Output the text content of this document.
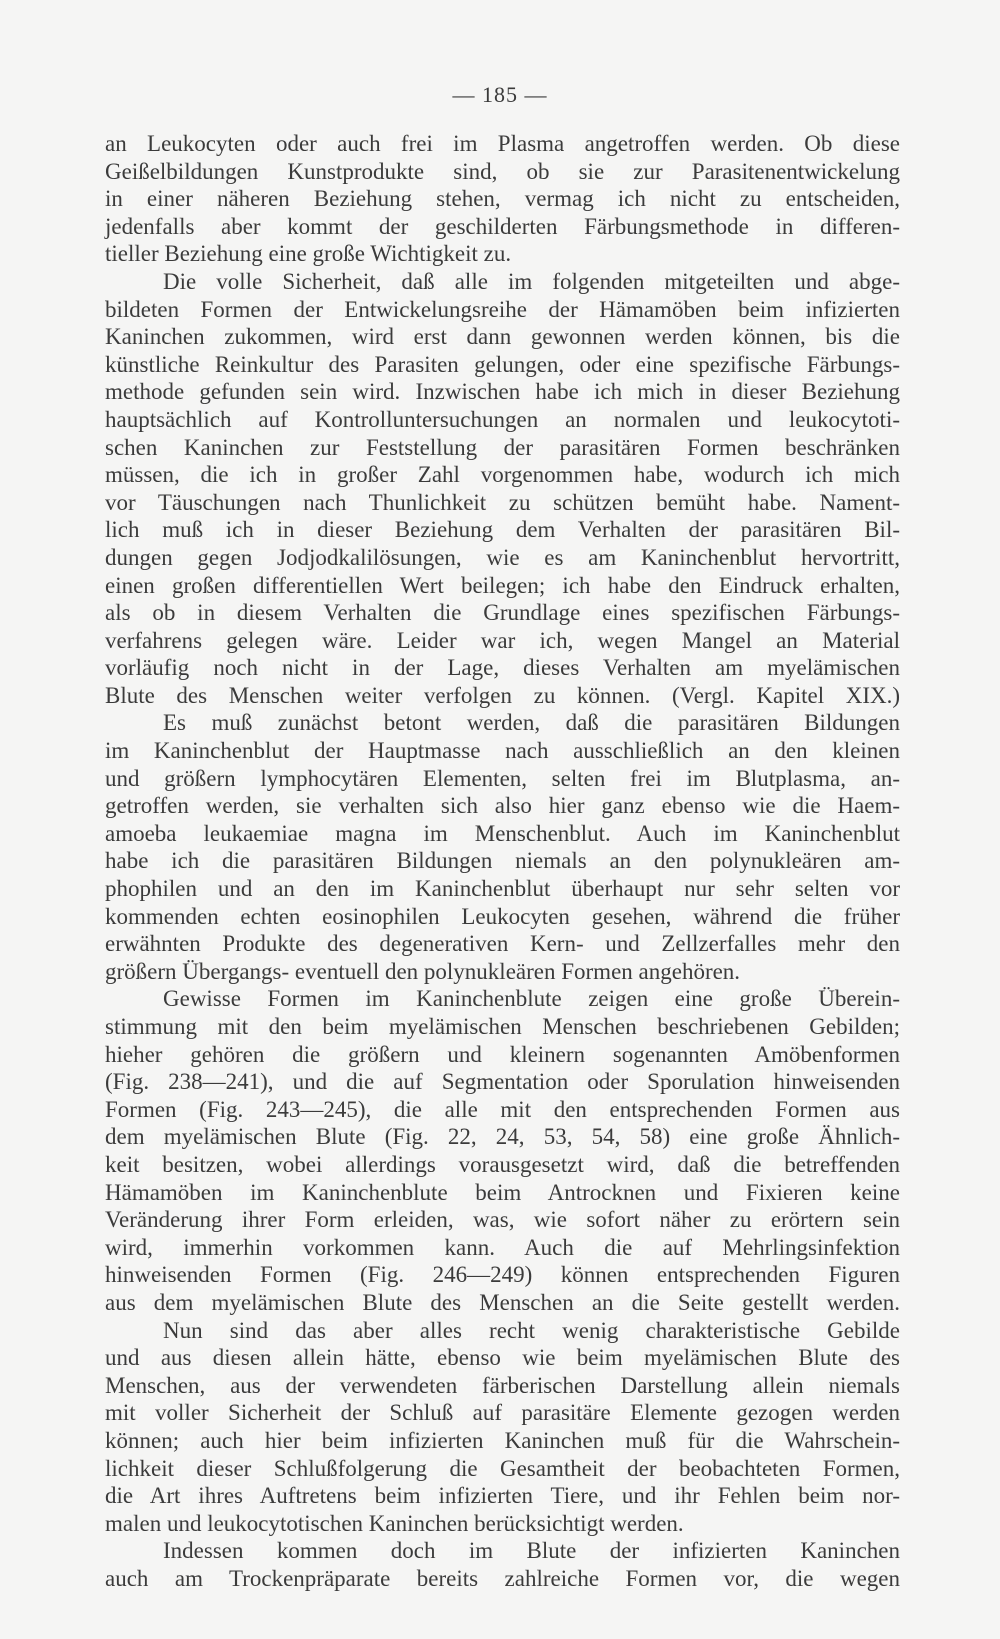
— 185 —
an Leukocyten oder auch frei im Plasma angetroffen werden. Ob diese
Geißelbildungen Kunstprodukte sind, ob sie zur Parasitenentwickelung
in einer näheren Beziehung stehen, vermag ich nicht zu entscheiden,
jedenfalls aber kommt der geschilderten Färbungsmethode in differen-
tieller Beziehung eine große Wichtigkeit zu.
Die volle Sicherheit, daß alle im folgenden mitgeteilten und abge-
bildeten Formen der Entwickelungsreihe der Hämamöben beim infizierten
Kaninchen zukommen, wird erst dann gewonnen werden können, bis die
künstliche Reinkultur des Parasiten gelungen, oder eine spezifische Färbungs-
methode gefunden sein wird. Inzwischen habe ich mich in dieser Beziehung
hauptsächlich auf Kontrolluntersuchungen an normalen und leukocytoti-
schen Kaninchen zur Feststellung der parasitären Formen beschränken
müssen, die ich in großer Zahl vorgenommen habe, wodurch ich mich
vor Täuschungen nach Thunlichkeit zu schützen bemüht habe. Nament-
lich muß ich in dieser Beziehung dem Verhalten der parasitären Bil-
dungen gegen Jodjodkalilösungen, wie es am Kaninchenblut hervortritt,
einen großen differentiellen Wert beilegen; ich habe den Eindruck erhalten,
als ob in diesem Verhalten die Grundlage eines spezifischen Färbungs-
verfahrens gelegen wäre. Leider war ich, wegen Mangel an Material
vorläufig noch nicht in der Lage, dieses Verhalten am myelämischen
Blute des Menschen weiter verfolgen zu können. (Vergl. Kapitel XIX.)
Es muß zunächst betont werden, daß die parasitären Bildungen
im Kaninchenblut der Hauptmasse nach ausschließlich an den kleinen
und größern lymphocytären Elementen, selten frei im Blutplasma, an-
getroffen werden, sie verhalten sich also hier ganz ebenso wie die Haem-
amoeba leukaemiae magna im Menschenblut. Auch im Kaninchenblut
habe ich die parasitären Bildungen niemals an den polynukleären am-
phophilen und an den im Kaninchenblut überhaupt nur sehr selten vor
kommenden echten eosinophilen Leukocyten gesehen, während die früher
erwähnten Produkte des degenerativen Kern- und Zellzerfalles mehr den
größern Übergangs- eventuell den polynukleären Formen angehören.
Gewisse Formen im Kaninchenblute zeigen eine große Überein-
stimmung mit den beim myelämischen Menschen beschriebenen Gebilden;
hieher gehören die größern und kleinern sogenannten Amöbenformen
(Fig. 238—241), und die auf Segmentation oder Sporulation hinweisenden
Formen (Fig. 243—245), die alle mit den entsprechenden Formen aus
dem myelämischen Blute (Fig. 22, 24, 53, 54, 58) eine große Ähnlich-
keit besitzen, wobei allerdings vorausgesetzt wird, daß die betreffenden
Hämamöben im Kaninchenblute beim Antrocknen und Fixieren keine
Veränderung ihrer Form erleiden, was, wie sofort näher zu erörtern sein
wird, immerhin vorkommen kann. Auch die auf Mehrlingsinfektion
hinweisenden Formen (Fig. 246—249) können entsprechenden Figuren
aus dem myelämischen Blute des Menschen an die Seite gestellt werden.
Nun sind das aber alles recht wenig charakteristische Gebilde
und aus diesen allein hätte, ebenso wie beim myelämischen Blute des
Menschen, aus der verwendeten färberischen Darstellung allein niemals
mit voller Sicherheit der Schluß auf parasitäre Elemente gezogen werden
können; auch hier beim infizierten Kaninchen muß für die Wahrschein-
lichkeit dieser Schlußfolgerung die Gesamtheit der beobachteten Formen,
die Art ihres Auftretens beim infizierten Tiere, und ihr Fehlen beim nor-
malen und leukocytotischen Kaninchen berücksichtigt werden.
Indessen kommen doch im Blute der infizierten Kaninchen
auch am Trockenpräparate bereits zahlreiche Formen vor, die wegen
